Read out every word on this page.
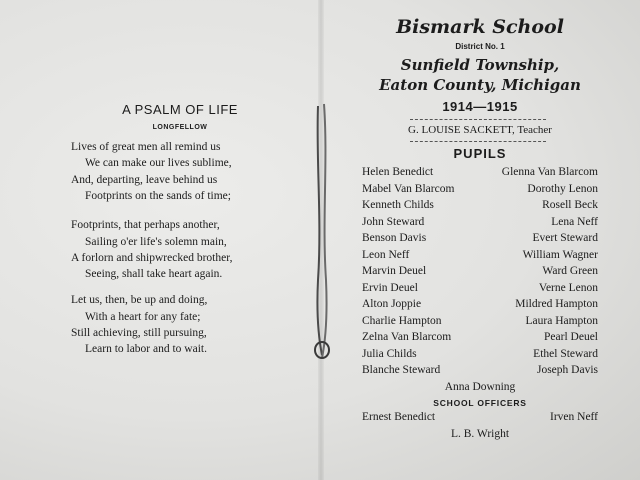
A PSALM OF LIFE
LONGFELLOW
Lives of great men all remind us
We can make our lives sublime,
And, departing, leave behind us
Footprints on the sands of time;
Footprints, that perhaps another,
Sailing o'er life's solemn main,
A forlorn and shipwrecked brother,
Seeing, shall take heart again.
Let us, then, be up and doing,
With a heart for any fate;
Still achieving, still pursuing,
Learn to labor and to wait.
Bismark School
District No. 1
Sunfield Township,
Eaton County, Michigan
1914—1915
G. LOUISE SACKETT, Teacher
PUPILS
Helen Benedict
Mabel Van Blarcom
Kenneth Childs
John Steward
Benson Davis
Leon Neff
Marvin Deuel
Ervin Deuel
Alton Joppie
Charlie Hampton
Zelna Van Blarcom
Julia Childs
Blanche Steward
Glenna Van Blarcom
Dorothy Lenon
Rosell Beck
Lena Neff
Evert Steward
William Wagner
Ward Green
Verne Lenon
Mildred Hampton
Laura Hampton
Pearl Deuel
Ethel Steward
Joseph Davis
Anna Downing
SCHOOL OFFICERS
Ernest Benedict	Irven Neff
L. B. Wright
